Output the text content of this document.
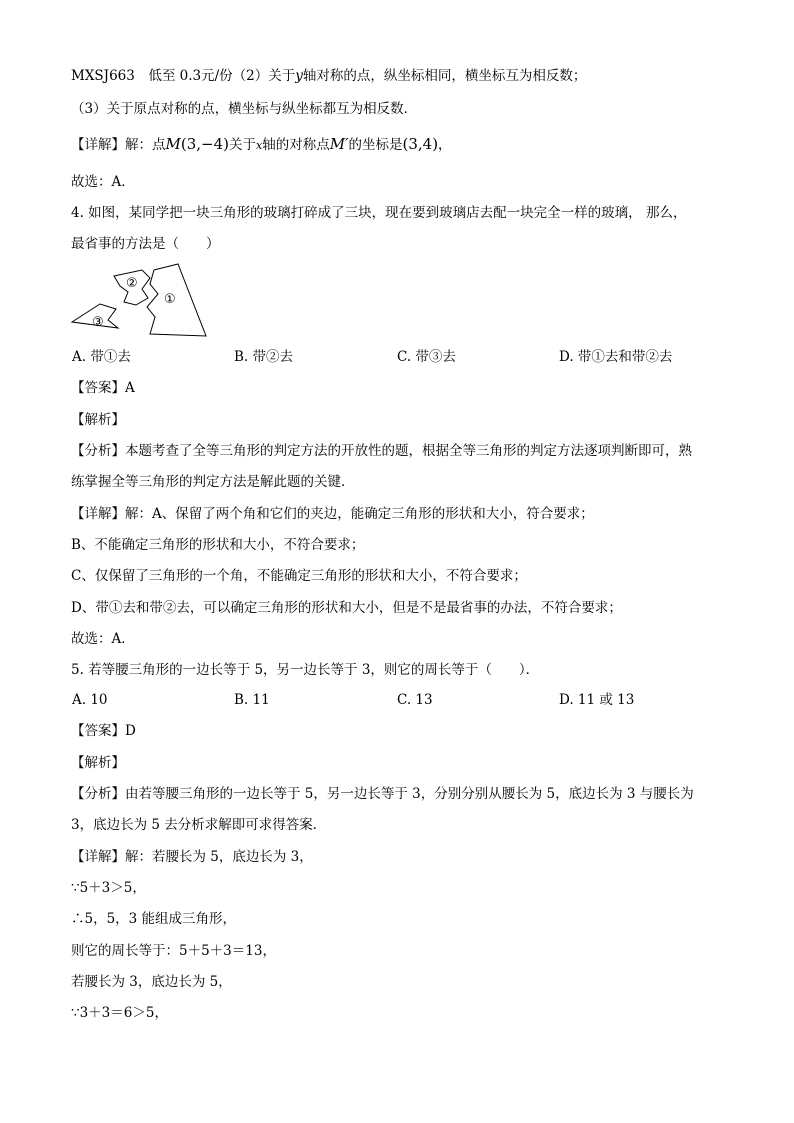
MXSJ663　低至 0.3元/份（2）关于𝑦轴对称的点，纵坐标相同，横坐标互为相反数；
（3）关于原点对称的点，横坐标与纵坐标都互为相反数．
【详解】解：点𝑀(3,−4)关于𝑥轴的对称点𝑀′的坐标是(3,4)，
故选：A．
4. 如图，某同学把一块三角形的玻璃打碎成了三块，现在要到玻璃店去配一块完全一样的玻璃， 那么，
最省事的方法是（　　）
③
②
①
A. 带①去	B. 带②去	C. 带③去	D. 带①去和带②去
【答案】A
【解析】
【分析】本题考查了全等三角形的判定方法的开放性的题，根据全等三角形的判定方法逐项判断即可，熟
练掌握全等三角形的判定方法是解此题的关键．
【详解】解：A、保留了两个角和它们的夹边，能确定三角形的形状和大小，符合要求；
B、不能确定三角形的形状和大小，不符合要求；
C、仅保留了三角形的一个角，不能确定三角形的形状和大小，不符合要求；
D、带①去和带②去，可以确定三角形的形状和大小，但是不是最省事的办法，不符合要求；
故选：A．
5. 若等腰三角形的一边长等于 5，另一边长等于 3，则它的周长等于（　　）．
A. 10	B. 11	C. 13	D. 11 或 13
【答案】D
【解析】
【分析】由若等腰三角形的一边长等于 5，另一边长等于 3，分别分别从腰长为 5，底边长为 3 与腰长为
3，底边长为 5 去分析求解即可求得答案．
【详解】解：若腰长为 5，底边长为 3，
∵5＋3＞5，
∴5，5，3 能组成三角形，
则它的周长等于：5＋5＋3＝13，
若腰长为 3，底边长为 5，
∵3＋3＝6＞5，
